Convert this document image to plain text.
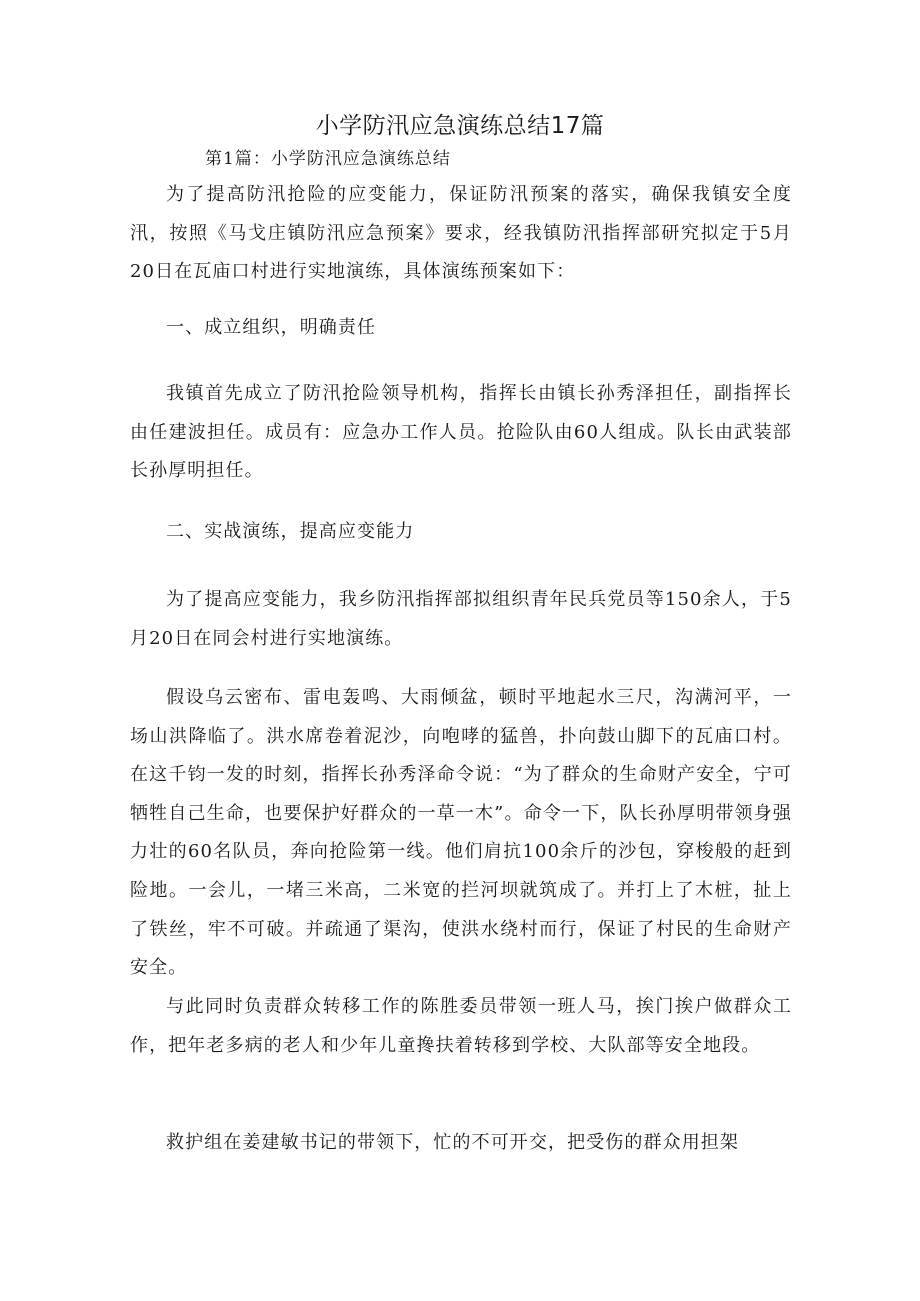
小学防汛应急演练总结17篇

第1篇：小学防汛应急演练总结

为了提高防汛抢险的应变能力，保证防汛预案的落实，确保我镇安全度汛，按照《马戈庄镇防汛应急预案》要求，经我镇防汛指挥部研究拟定于5月20日在瓦庙口村进行实地演练，具体演练预案如下：

一、成立组织，明确责任

我镇首先成立了防汛抢险领导机构，指挥长由镇长孙秀泽担任，副指挥长由任建波担任。成员有：应急办工作人员。抢险队由60人组成。队长由武装部长孙厚明担任。

二、实战演练，提高应变能力

为了提高应变能力，我乡防汛指挥部拟组织青年民兵党员等150余人，于5月20日在同会村进行实地演练。

假设乌云密布、雷电轰鸣、大雨倾盆，顿时平地起水三尺，沟满河平，一场山洪降临了。洪水席卷着泥沙，向咆哮的猛兽，扑向鼓山脚下的瓦庙口村。在这千钧一发的时刻，指挥长孙秀泽命令说：“为了群众的生命财产安全，宁可牺牲自己生命，也要保护好群众的一草一木”。命令一下，队长孙厚明带领身强力壮的60名队员，奔向抢险第一线。他们肩抗100余斤的沙包，穿梭般的赶到险地。一会儿，一堵三米高，二米宽的拦河坝就筑成了。并打上了木桩，扯上了铁丝，牢不可破。并疏通了渠沟，使洪水绕村而行，保证了村民的生命财产安全。

与此同时负责群众转移工作的陈胜委员带领一班人马，挨门挨户做群众工作，把年老多病的老人和少年儿童搀扶着转移到学校、大队部等安全地段。

救护组在姜建敏书记的带领下，忙的不可开交，把受伤的群众用担架
